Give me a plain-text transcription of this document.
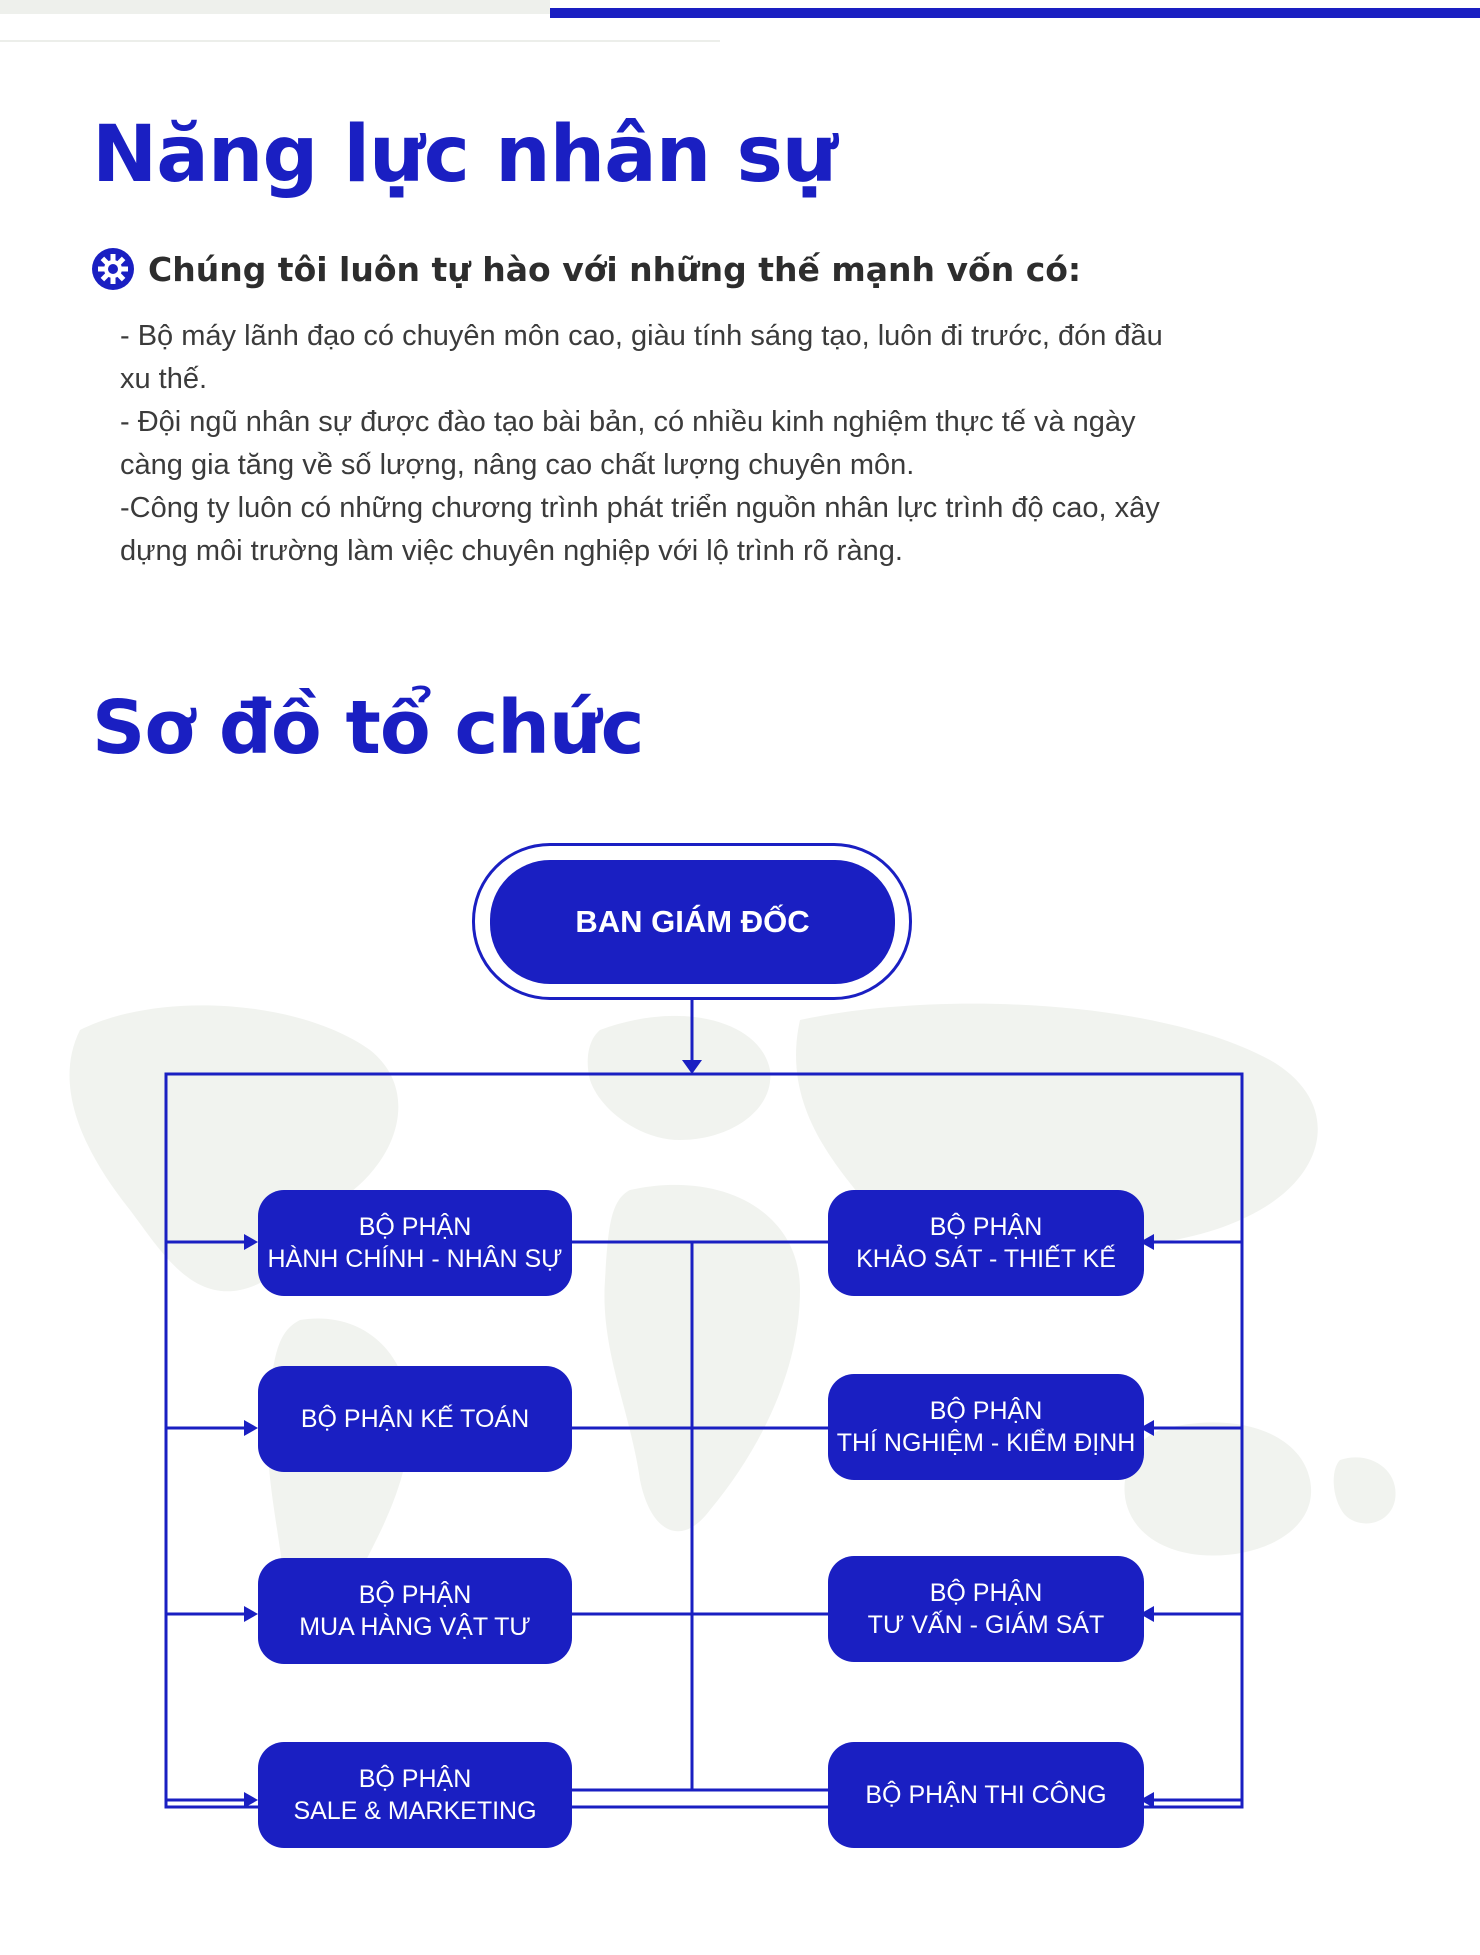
Năng lực nhân sự
Chúng tôi luôn tự hào với những thế mạnh vốn có:

- Bộ máy lãnh đạo có chuyên môn cao, giàu tính sáng tạo, luôn đi trước, đón đầu

xu thế.

- Đội ngũ nhân sự được đào tạo bài bản, có nhiều kinh nghiệm thực tế và ngày

càng gia tăng về số lượng, nâng cao chất lượng chuyên môn.

-Công ty luôn có những chương trình phát triển nguồn nhân lực trình độ cao, xây

dựng môi trường làm việc chuyên nghiệp với lộ trình rõ ràng.

Sơ đồ tổ chức
BAN GIÁM ĐỐC
BỘ PHẬN
HÀNH CHÍNH - NHÂN SỰ
BỘ PHẬN KẾ TOÁN
BỘ PHẬN
MUA HÀNG VẬT TƯ
BỘ PHẬN
SALE & MARKETING
BỘ PHẬN
KHẢO SÁT - THIẾT KẾ
BỘ PHẬN
THÍ NGHIỆM - KIỂM ĐỊNH
BỘ PHẬN
TƯ VẤN - GIÁM SÁT
BỘ PHẬN THI CÔNG
